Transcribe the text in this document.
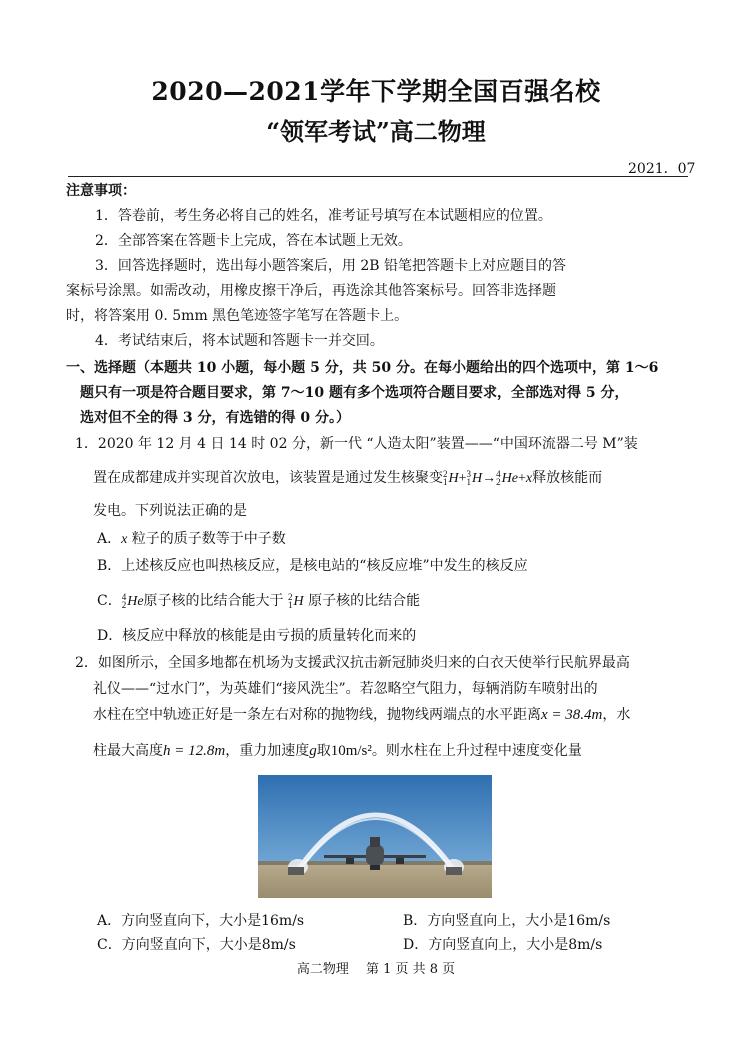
2020—2021学年下学期全国百强名校
“领军考试”高二物理
2021．07
注意事项：
1．答卷前，考生务必将自己的姓名，准考证号填写在本试题相应的位置。
2．全部答案在答题卡上完成，答在本试题上无效。
3．回答选择题时，选出每小题答案后，用 2B 铅笔把答题卡上对应题目的答
案标号涂黑。如需改动，用橡皮擦干净后，再选涂其他答案标号。回答非选择题
时，将答案用 0. 5mm 黑色笔迹签字笔写在答题卡上。
4．考试结束后，将本试题和答题卡一并交回。
一、选择题（本题共 10 小题，每小题 5 分，共 50 分。在每小题给出的四个选项中，第 1～6
题只有一项是符合题目要求，第 7～10 题有多个选项符合题目要求，全部选对得 5 分，
选对但不全的得 3 分，有选错的得 0 分。）
1．2020 年 12 月 4 日 14 时 02 分，新一代 “人造太阳”装置——“中国环流器二号 M”装
置在成都建成并实现首次放电，该装置是通过发生核聚变2
1H+3
1H→4
2He+x释放核能而
发电。下列说法正确的是
A．x 粒子的质子数等于中子数
B．上述核反应也叫热核反应，是核电站的“核反应堆”中发生的核反应
C．4
2He原子核的比结合能大于 2
1H 原子核的比结合能
D．核反应中释放的核能是由亏损的质量转化而来的
2．如图所示，全国多地都在机场为支援武汉抗击新冠肺炎归来的白衣天使举行民航界最高
礼仪——“过水门”，为英雄们“接风洗尘”。若忽略空气阻力，每辆消防车喷射出的
水柱在空中轨迹正好是一条左右对称的抛物线，抛物线两端点的水平距离x = 38.4m，水
柱最大高度h = 12.8m，重力加速度g取10m/s²。则水柱在上升过程中速度变化量
A．方向竖直向下，大小是16m/s	B．方向竖直向上，大小是16m/s
C．方向竖直向下，大小是8m/s	D．方向竖直向上，大小是8m/s
高二物理　 第 1 页 共 8 页
